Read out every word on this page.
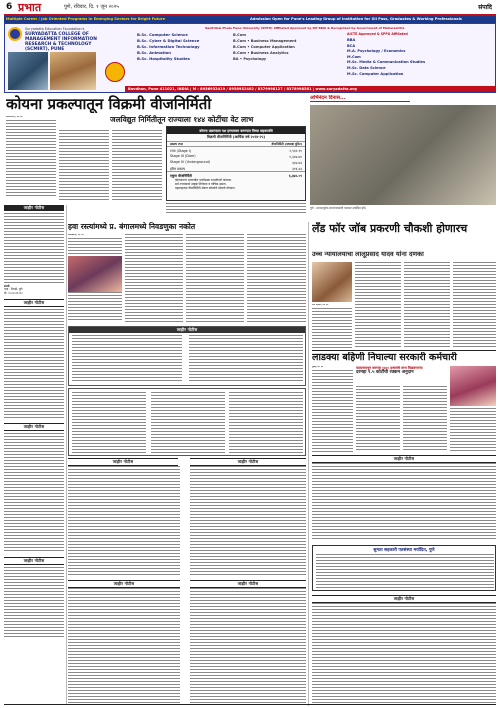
6 प्रभात	पुणे, रविवार, दि. १ जून २०२५	संपादि
Multiple Career / Job Oriented Programs In Emerging Sectors for Bright Future	Admission Open for Pune's Leading Group of Institution for XII Pass, Graduates & Working Professionals
Suryadatta Education Foundation's
SURYADATTA COLLEGE OF MANAGEMENT INFORMATION RESEARCH & TECHNOLOGY (SCMIRT), PUNE
Savitribai Phule Pune University (SPPU) Affiliated Approved by Dif SBAI & Recognized by Government of Maharashtra
B.Sc. Computer Science
B.Sc. Cyber & Digital Science
B.Sc. Information Technology
B.Sc. Animation
B.Sc. Hospitality Studies
B.Com
B.Com • Business Management
B.Com • Computer Application
B.Com • Business Analytics
BA • Psychology
AICTE Approved & SPPU Affiliated
BBA
BCA
M.A. Psychology / Economics
M.Com
M.Sc. Media & Communication Studies
M.Sc. Data Science
M.Sc. Computer Application
Bavdhan, Pune 411021, INDIA | M : 8956932419 / 8956932402 / 8379998127 / 8378998581 | www.suryadatta.org
कोयना प्रकल्पातून विक्रमी वीजनिर्मिती
जलविद्युत निर्मितीतून राज्याला १४४ कोटींचा वेट लाभ

कोयनानगर, दि. ३१

कोयना प्रकल्पाला यश हरणारकर करण्यात तिच्या सहकार्यांचे
विक्रमी वीजनिर्मिती (आर्थिक वर्ष २०२४-२५)
प्रकल्प टप्पा	वीजनिर्मिती (दशलक्ष युनिट)
टप्पा (Stage I)	२,९३२.९०
Stage III (Dam)	१,३४४.७०
Stage IV (Underground)	३३४.७३
हरित प्रकल्प	३१६.४३
एकूण वीजनिर्मिती	६,३७२.०९
▪ कोयनानगर धरणातील पाणीसाठा प्रभावीपणे वापरला.
▪ सर्व टप्प्यांमध्ये उत्कृष्ट नियोजन व तांत्रिक क्षमता.
▪ महाराष्ट्राच्या वीजनिर्मिती क्षेत्रात कोयनेचे मोलाचे योगदान.
अभिनंदन दिनास...
पुणे : सन्मानपूर्वक समारंभाप्रसंगी मान्यवर उपस्थित होते.
जाहीर नोटीस
संपर्क
पत्ता : निगडी, पुणे
मो. ९८२२०२१२१२
जाहीर नोटीस
जाहीर नोटीस
जाहीर नोटीस
हवा रस्त्यांमध्ये प्र. बंगालमध्ये निवडणुका नकोत

कोलकाता, दि. ३१

जाहीर नोटीस
जाहीर नोटीस	जाहीर नोटीस
जाहीर नोटीस	जाहीर नोटीस
लँड फॉर जॉब प्रकरणी चौकशी होणारच
उच्च न्यायालयाचा लालूप्रसाद यादव यांना दणका

नवी दिल्ली, दि. ३१

लाडक्या बहिणी निघाल्या सरकारी कर्मचारी
फलटणमधून करणार १४०० हजारांचे लाभ मिळवणाऱ्या
दरमहा १.५ कोटींची रक्कम अनुदान

मुंबई, दि. ३१

जाहीर नोटीस
सुमता सहकारी पतसंस्था मर्यादित, पुणे
जाहीर नोटीस
